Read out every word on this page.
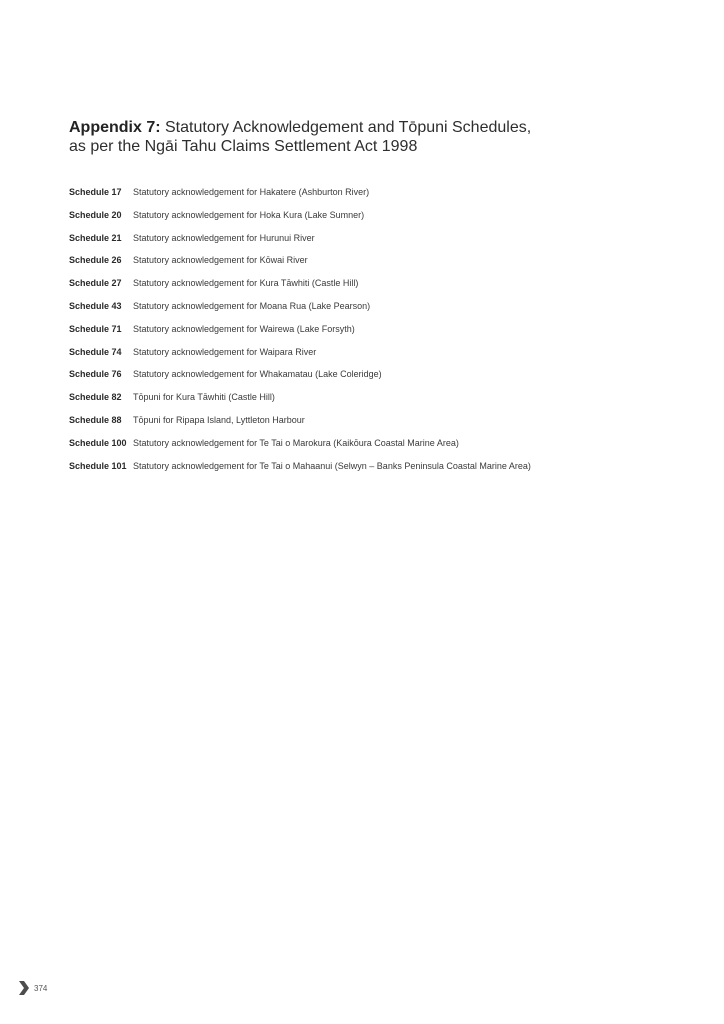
Appendix 7: Statutory Acknowledgement and Tōpuni Schedules,
as per the Ngāi Tahu Claims Settlement Act 1998
Schedule 17	Statutory acknowledgement for Hakatere (Ashburton River)
Schedule 20	Statutory acknowledgement for Hoka Kura (Lake Sumner)
Schedule 21	Statutory acknowledgement for Hurunui River
Schedule 26	Statutory acknowledgement for Kōwai River
Schedule 27	Statutory acknowledgement for Kura Tāwhiti (Castle Hill)
Schedule 43	Statutory acknowledgement for Moana Rua (Lake Pearson)
Schedule 71	Statutory acknowledgement for Wairewa (Lake Forsyth)
Schedule 74	Statutory acknowledgement for Waipara River
Schedule 76	Statutory acknowledgement for Whakamatau (Lake Coleridge)
Schedule 82	Tōpuni for Kura Tāwhiti (Castle Hill)
Schedule 88	Tōpuni for Ripapa Island, Lyttleton Harbour
Schedule 100 Statutory acknowledgement for Te Tai o Marokura (Kaikōura Coastal Marine Area)
Schedule 101 Statutory acknowledgement for Te Tai o Mahaanui (Selwyn – Banks Peninsula Coastal Marine Area)
374
